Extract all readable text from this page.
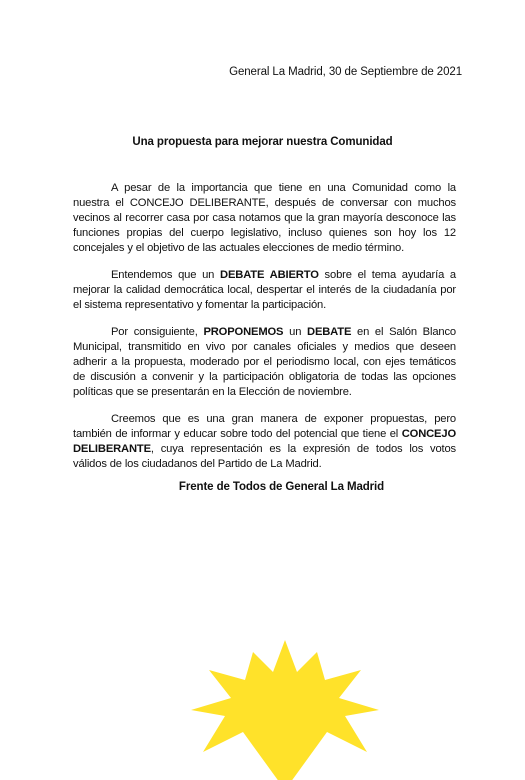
General La Madrid, 30 de Septiembre de 2021
Una propuesta para mejorar nuestra Comunidad

A pesar de la importancia que tiene en una Comunidad como la nuestra el CONCEJO DELIBERANTE, después de conversar con muchos vecinos al recorrer casa por casa notamos que la gran mayoría desconoce las funciones propias del cuerpo legislativo, incluso quienes son hoy los 12 concejales y el objetivo de las actuales elecciones de medio término.

Entendemos que un DEBATE ABIERTO sobre el tema ayudaría a mejorar la calidad democrática local, despertar el interés de la ciudadanía por el sistema representativo y fomentar la participación.

Por consiguiente, PROPONEMOS un DEBATE en el Salón Blanco Municipal, transmitido en vivo por canales oficiales y medios que deseen adherir a la propuesta, moderado por el periodismo local, con ejes temáticos de discusión a convenir y la participación obligatoria de todas las opciones políticas que se presentarán en la Elección de noviembre.

Creemos que es una gran manera de exponer propuestas, pero también de informar y educar sobre todo del potencial que tiene el CONCEJO DELIBERANTE, cuya representación es la expresión de todos los votos válidos de los ciudadanos del Partido de La Madrid.

Frente de Todos de General La Madrid
